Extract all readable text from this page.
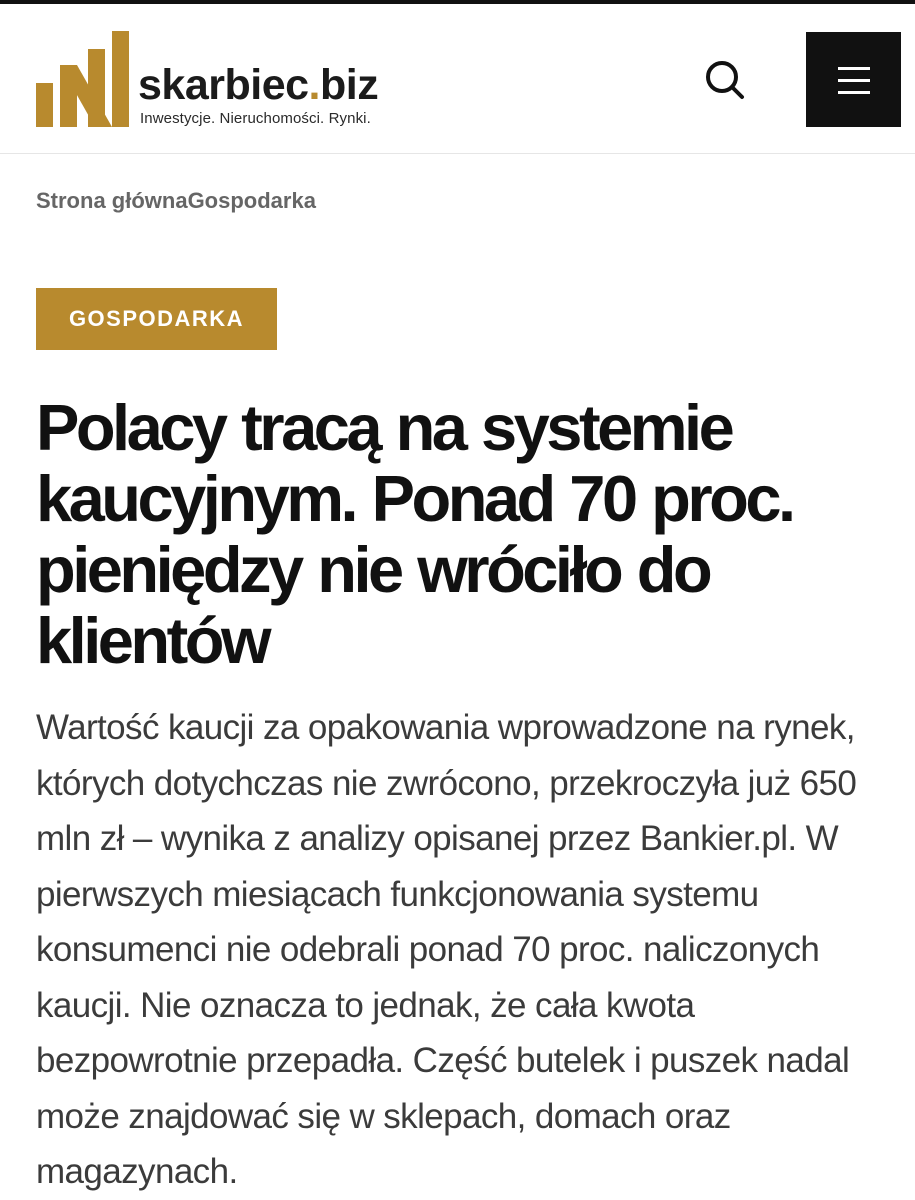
skarbiec.biz
Inwestycje. Nieruchomości. Rynki.
Strona głównaGospodarka
GOSPODARKA
Polacy tracą na systemie kaucyjnym. Ponad 70 proc. pieniędzy nie wróciło do klientów

Wartość kaucji za opakowania wprowadzone na rynek, których dotychczas nie zwrócono, przekroczyła już 650 mln zł – wynika z analizy opisanej przez Bankier.pl. W pierwszych miesiącach funkcjonowania systemu konsumenci nie odebrali ponad 70 proc. naliczonych kaucji. Nie oznacza to jednak, że cała kwota bezpowrotnie przepadła. Część butelek i puszek nadal może znajdować się w sklepach, domach oraz magazynach.
